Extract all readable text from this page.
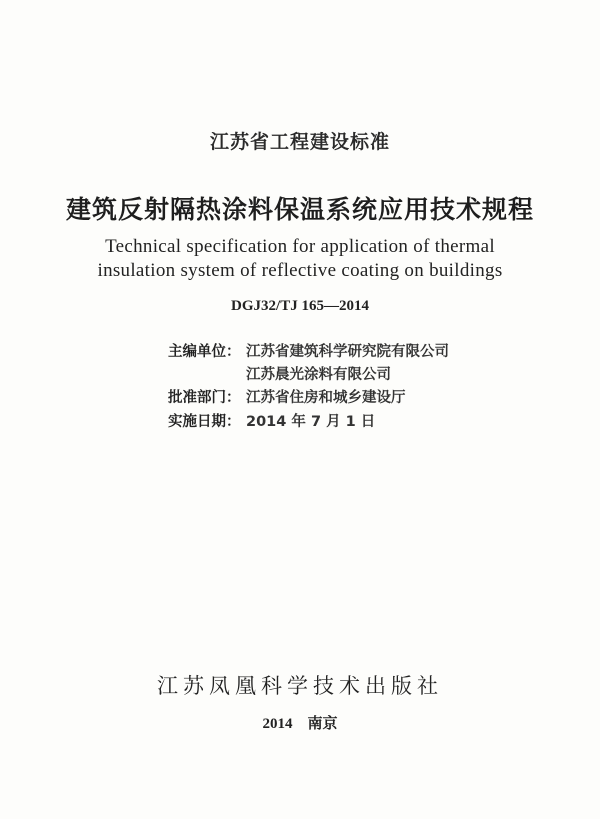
江苏省工程建设标准
建筑反射隔热涂料保温系统应用技术规程
Technical specification for application of thermal
insulation system of reflective coating on buildings
DGJ32/TJ 165—2014
主编单位： 江苏省建筑科学研究院有限公司
江苏晨光涂料有限公司
批准部门： 江苏省住房和城乡建设厅
实施日期： 2014 年 7 月 1 日
江苏凤凰科学技术出版社
2014　南京
